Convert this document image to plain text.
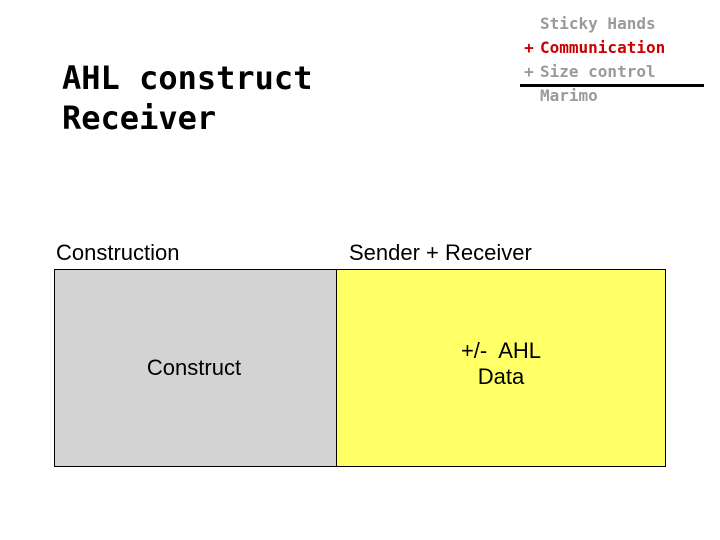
AHL construct
Receiver
Sticky Hands
+ Communication
+ Size control
Marimo
Construction	Sender + Receiver
Construct
+/-  AHL
Data
